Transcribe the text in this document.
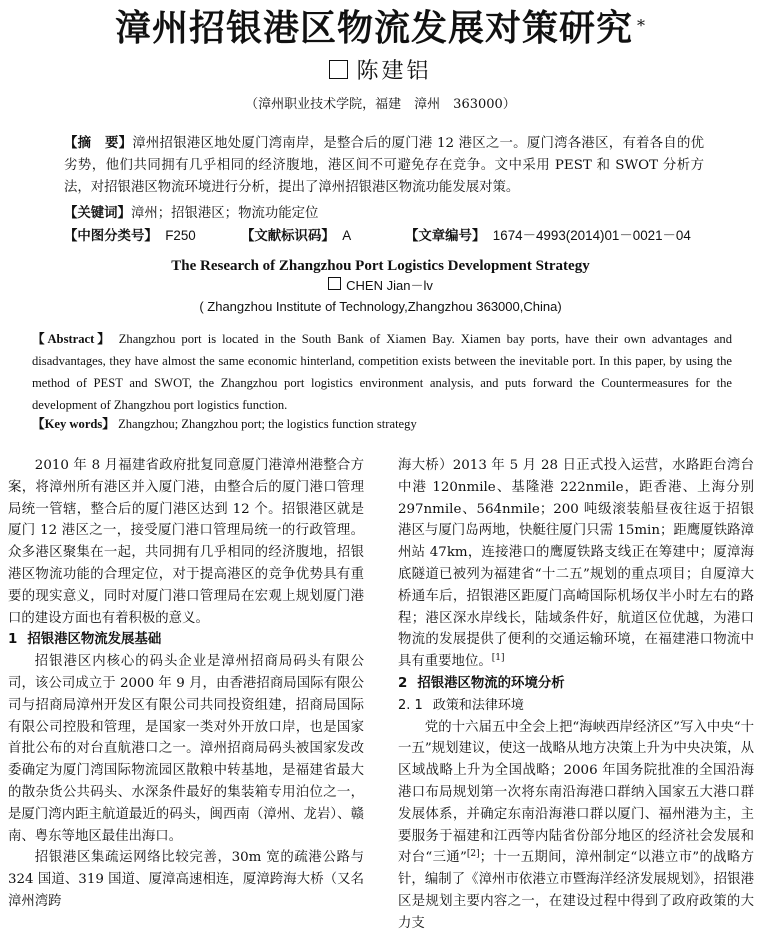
漳州招银港区物流发展对策研究 *
陈建铝
（漳州职业技术学院，福建　漳州　363000）

【摘　要】漳州招银港区地处厦门湾南岸，是整合后的厦门港 12 港区之一。厦门湾各港区，有着各自的优劣势，他们共同拥有几乎相同的经济腹地，港区间不可避免存在竞争。文中采用 PEST 和 SWOT 分析方法，对招银港区物流环境进行分析，提出了漳州招银港区物流功能发展对策。

【关键词】漳州；招银港区；物流功能定位
【中图分类号】 F250	【文献标识码】 A	【文章编号】 1674－4993(2014)01－0021－04
The Research of Zhangzhou Port Logistics Development Strategy
CHEN Jian－lv
( Zhangzhou Institute of Technology,Zhangzhou 363000,China)

【Abstract】 Zhangzhou port is located in the South Bank of Xiamen Bay. Xiamen bay ports, have their own advantages and disadvantages, they have almost the same economic hinterland, competition exists between the inevitable port. In this paper, by using the method of PEST and SWOT, the Zhangzhou port logistics environment analysis, and puts forward the Countermeasures for the development of Zhangzhou port logistics function.

【Key words】 Zhangzhou; Zhangzhou port; the logistics function strategy

2010 年 8 月福建省政府批复同意厦门港漳州港整合方案，将漳州所有港区并入厦门港，由整合后的厦门港口管理局统一管辖，整合后的厦门港区达到 12 个。招银港区就是厦门 12 港区之一，接受厦门港口管理局统一的行政管理。众多港区聚集在一起，共同拥有几乎相同的经济腹地，招银港区物流功能的合理定位，对于提高港区的竞争优势具有重要的现实意义，同时对厦门港口管理局在宏观上规划厦门港口的建设方面也有着积极的意义。

1 招银港区物流发展基础

招银港区内核心的码头企业是漳州招商局码头有限公司，该公司成立于 2000 年 9 月，由香港招商局国际有限公司与招商局漳州开发区有限公司共同投资组建，招商局国际有限公司控股和管理，是国家一类对外开放口岸，也是国家首批公布的对台直航港口之一。漳州招商局码头被国家发改委确定为厦门湾国际物流园区散粮中转基地，是福建省最大的散杂货公共码头、水深条件最好的集装箱专用泊位之一，是厦门湾内距主航道最近的码头，闽西南（漳州、龙岩）、赣南、粤东等地区最佳出海口。

招银港区集疏运网络比较完善，30m 宽的疏港公路与 324 国道、319 国道、厦漳高速相连，厦漳跨海大桥（又名漳州湾跨

海大桥）2013 年 5 月 28 日正式投入运营，水路距台湾台中港 120nmile、基隆港 222nmile，距香港、上海分别 297nmile、564nmile；200 吨级滚装船昼夜往返于招银港区与厦门岛两地，快艇往厦门只需 15min；距鹰厦铁路漳州站 47km，连接港口的鹰厦铁路支线正在筹建中；厦漳海底隧道已被列为福建省“十二五”规划的重点项目；自厦漳大桥通车后，招银港区距厦门高崎国际机场仅半小时左右的路程；港区深水岸线长，陆域条件好，航道区位优越，为港口物流的发展提供了便利的交通运输环境，在福建港口物流中具有重要地位。[1]

2 招银港区物流的环境分析
2. 1 政策和法律环境

党的十六届五中全会上把“海峡西岸经济区”写入中央“十一五”规划建议，使这一战略从地方决策上升为中央决策，从区域战略上升为全国战略；2006 年国务院批准的全国沿海港口布局规划第一次将东南沿海港口群纳入国家五大港口群发展体系，并确定东南沿海港口群以厦门、福州港为主，主要服务于福建和江西等内陆省份部分地区的经济社会发展和对台“三通”[2]；十一五期间，漳州制定“以港立市”的战略方针，编制了《漳州市依港立市暨海洋经济发展规划》，招银港区是规划主要内容之一，在建设过程中得到了政府政策的大力支
